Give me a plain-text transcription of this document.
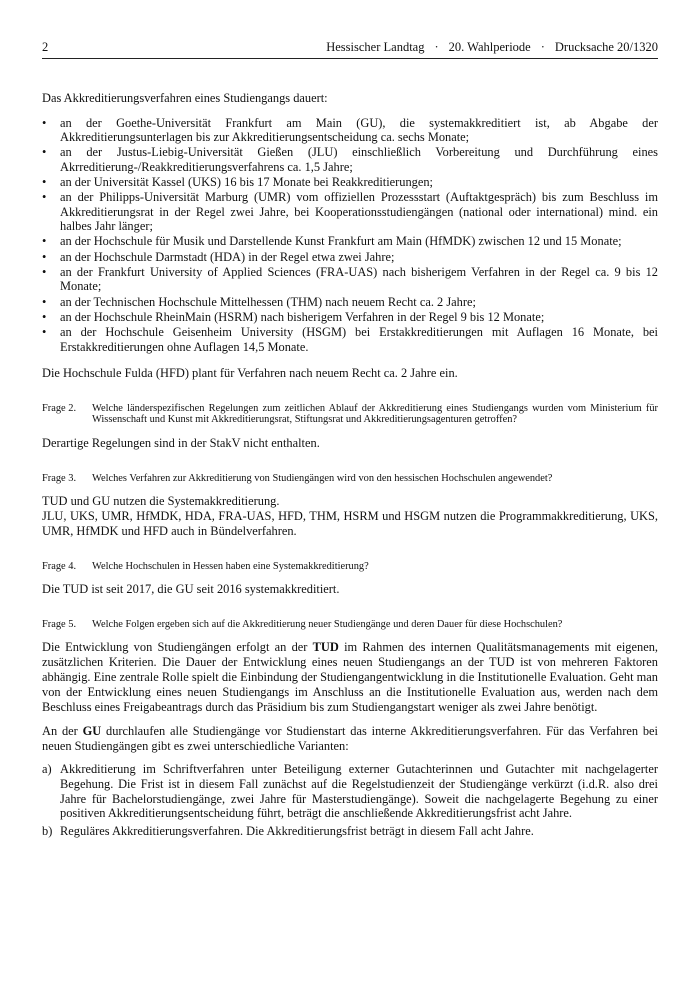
2	Hessischer Landtag · 20. Wahlperiode · Drucksache 20/1320

Das Akkreditierungsverfahren eines Studiengangs dauert:

• an der Goethe-Universität Frankfurt am Main (GU), die systemakkreditiert ist, ab Abgabe der Akkreditierungsunterlagen bis zur Akkreditierungsentscheidung ca. sechs Monate;
• an der Justus-Liebig-Universität Gießen (JLU) einschließlich Vorbereitung und Durchführung eines Akrreditierung-/Reakkreditierungsverfahrens ca. 1,5 Jahre;
• an der Universität Kassel (UKS) 16 bis 17 Monate bei Reakkreditierungen;
• an der Philipps-Universität Marburg (UMR) vom offiziellen Prozessstart (Auftaktgespräch) bis zum Beschluss im Akkreditierungsrat in der Regel zwei Jahre, bei Kooperationsstudiengängen (national oder international) mind. ein halbes Jahr länger;
• an der Hochschule für Musik und Darstellende Kunst Frankfurt am Main (HfMDK) zwischen 12 und 15 Monate;
• an der Hochschule Darmstadt (HDA) in der Regel etwa zwei Jahre;
• an der Frankfurt University of Applied Sciences (FRA-UAS) nach bisherigem Verfahren in der Regel ca. 9 bis 12 Monate;
• an der Technischen Hochschule Mittelhessen (THM) nach neuem Recht ca. 2 Jahre;
• an der Hochschule RheinMain (HSRM) nach bisherigem Verfahren in der Regel 9 bis 12 Monate;
• an der Hochschule Geisenheim University (HSGM) bei Erstakkreditierungen mit Auflagen 16 Monate, bei Erstakkreditierungen ohne Auflagen 14,5 Monate.

Die Hochschule Fulda (HFD) plant für Verfahren nach neuem Recht ca. 2 Jahre ein.

Frage 2.	Welche länderspezifischen Regelungen zum zeitlichen Ablauf der Akkreditierung eines Studiengangs wurden vom Ministerium für Wissenschaft und Kunst mit Akkreditierungsrat, Stiftungsrat und Akkreditierungsagenturen getroffen?

Derartige Regelungen sind in der StakV nicht enthalten.

Frage 3.	Welches Verfahren zur Akkreditierung von Studiengängen wird von den hessischen Hochschulen angewendet?

TUD und GU nutzen die Systemakkreditierung.

JLU, UKS, UMR, HfMDK, HDA, FRA-UAS, HFD, THM, HSRM und HSGM nutzen die Programmakkreditierung, UKS, UMR, HfMDK und HFD auch in Bündelverfahren.

Frage 4.	Welche Hochschulen in Hessen haben eine Systemakkreditierung?

Die TUD ist seit 2017, die GU seit 2016 systemakkreditiert.

Frage 5.	Welche Folgen ergeben sich auf die Akkreditierung neuer Studiengänge und deren Dauer für diese Hochschulen?

Die Entwicklung von Studiengängen erfolgt an der TUD im Rahmen des internen Qualitätsmanagements mit eigenen, zusätzlichen Kriterien. Die Dauer der Entwicklung eines neuen Studiengangs an der TUD ist von mehreren Faktoren abhängig. Eine zentrale Rolle spielt die Einbindung der Studiengangentwicklung in die Institutionelle Evaluation. Geht man von der Entwicklung eines neuen Studiengangs im Anschluss an die Institutionelle Evaluation aus, werden nach dem Beschluss eines Freigabeantrags durch das Präsidium bis zum Studiengangstart weniger als zwei Jahre benötigt.

An der GU durchlaufen alle Studiengänge vor Studienstart das interne Akkreditierungsverfahren. Für das Verfahren bei neuen Studiengängen gibt es zwei unterschiedliche Varianten:

a) Akkreditierung im Schriftverfahren unter Beteiligung externer Gutachterinnen und Gutachter mit nachgelagerter Begehung. Die Frist ist in diesem Fall zunächst auf die Regelstudienzeit der Studiengänge verkürzt (i.d.R. also drei Jahre für Bachelorstudiengänge, zwei Jahre für Masterstudiengänge). Soweit die nachgelagerte Begehung zu einer positiven Akkreditierungsentscheidung führt, beträgt die anschließende Akkreditierungsfrist acht Jahre.
b) Reguläres Akkreditierungsverfahren. Die Akkreditierungsfrist beträgt in diesem Fall acht Jahre.
